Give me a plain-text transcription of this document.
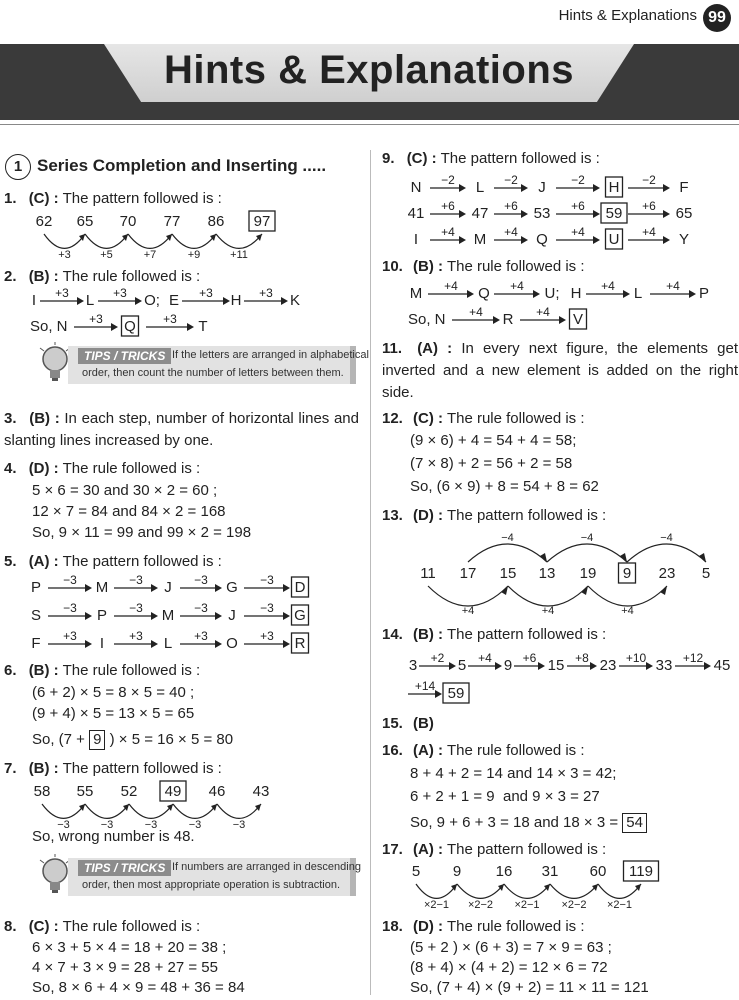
Hints & Explanations 99
Hints & Explanations
1 Series Completion and Inserting .....
1. (C) : The pattern followed is :
62 65 70 77 86 97
+3	+5	+7	+9	+11
2. (B) : The rule followed is :
I +3 L +3 O; E +3 H +3 K
So, N +3 Q +3 T
TIPS / TRICKS If the letters are arranged in alphabetical
order, then count the number of letters between them.
3. (B) : In each step, number of horizontal lines and slanting lines increased by one.
4. (D) : The rule followed is :
5 × 6 = 30 and 30 × 2 = 60 ;
12 × 7 = 84 and 84 × 2 = 168
So, 9 × 11 = 99 and 99 × 2 = 198
5. (A) : The pattern followed is :
P	M	J	G	D
−3	−3	−3	−3
S	P	M	J	G
−3	−3	−3	−3
F	I	L	O	R
+3	+3	+3	+3
6. (B) : The rule followed is :
(6 + 2) × 5 = 8 × 5 = 40 ;
(9 + 4) × 5 = 13 × 5 = 65
So, (7 + 9 ) × 5 = 16 × 5 = 80
7. (B) : The pattern followed is :
58 55 52 49 46 43
−3	−3	−3	−3	−3
So, wrong number is 48.
TIPS / TRICKS If numbers are arranged in descending
order, then most appropriate operation is subtraction.
8. (C) : The rule followed is :
6 × 3 + 5 × 4 = 18 + 20 = 38 ;
4 × 7 + 3 × 9 = 28 + 27 = 55
So, 8 × 6 + 4 × 9 = 48 + 36 = 84
9. (C) : The pattern followed is :
N	L	J	H	F
−2	−2	−2	−2
41	47	53	59	65
+6	+6	+6	+6
I	M	Q	U	Y
+4	+4	+4	+4
10. (B) : The rule followed is :
M +4 Q +4 U; H +4 L +4 P
So, N +4 R +4 V
11. (A) : In every next figure, the elements get inverted and a new element is added on the right side.
12. (C) : The rule followed is :
(9 × 6) + 4 = 54 + 4 = 58;
(7 × 8) + 2 = 56 + 2 = 58
So, (6 × 9) + 8 = 54 + 8 = 62
13. (D) : The pattern followed is :
11 17 15 13 19 9 23 5
−4	−4	−4
+4	+4	+4
14. (B) : The pattern followed is :
3	5	9 15 23	33	45
+2	+4	+6	+8	+10	+12
+14 59
15. (B)
16. (A) : The rule followed is :
8 + 4 + 2 = 14 and 14 × 3 = 42;
6 + 2 + 1 = 9  and 9 × 3 = 27
So, 9 + 6 + 3 = 18 and 18 × 3 = 54
17. (A) : The pattern followed is :
5 9 16 31 60 119
×2−1 ×2−2 ×2−1 ×2−2 ×2−1
18. (D) : The rule followed is :
(5 + 2 ) × (6 + 3) = 7 × 9 = 63 ;
(8 + 4) × (4 + 2) = 12 × 6 = 72
So, (7 + 4) × (9 + 2) = 11 × 11 = 121
